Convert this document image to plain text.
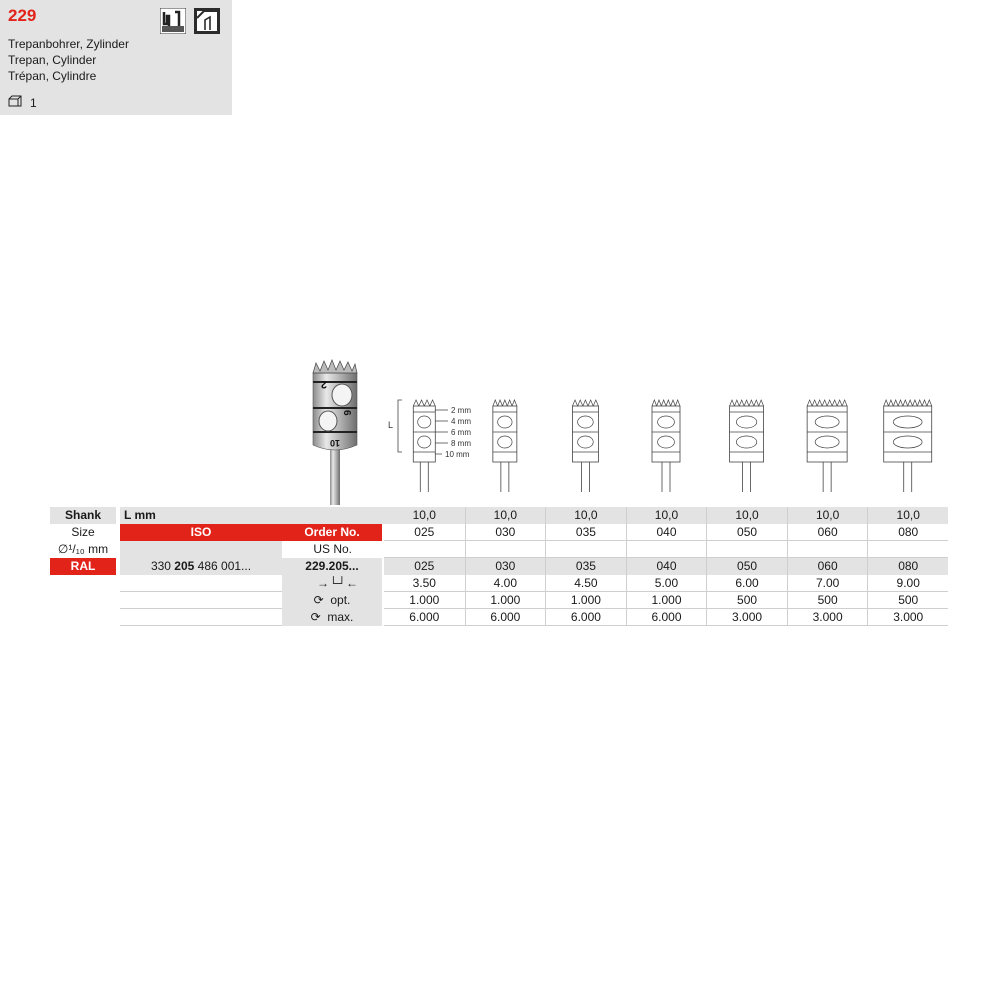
229
Trepanbohrer, Zylinder
Trepan, Cylinder
Trépan, Cylindre
1
2
6
10
L
2 mm
4 mm
6 mm
8 mm
10 mm
Shank	L mm	10,0	10,0	10,0	10,0	10,0	10,0	10,0
Size	ISO	Order No.	025	030	035	040	050	060	080
∅¹/₁₀ mm	US No.
RAL	330 205 486 001...	229.205...	025	030	035	040	050	060	080
→└┘←	3.50	4.00	4.50	5.00	6.00	7.00	9.00
⟳ opt.	1.000	1.000	1.000	1.000	500	500	500
⟳ max.	6.000	6.000	6.000	6.000	3.000	3.000	3.000
